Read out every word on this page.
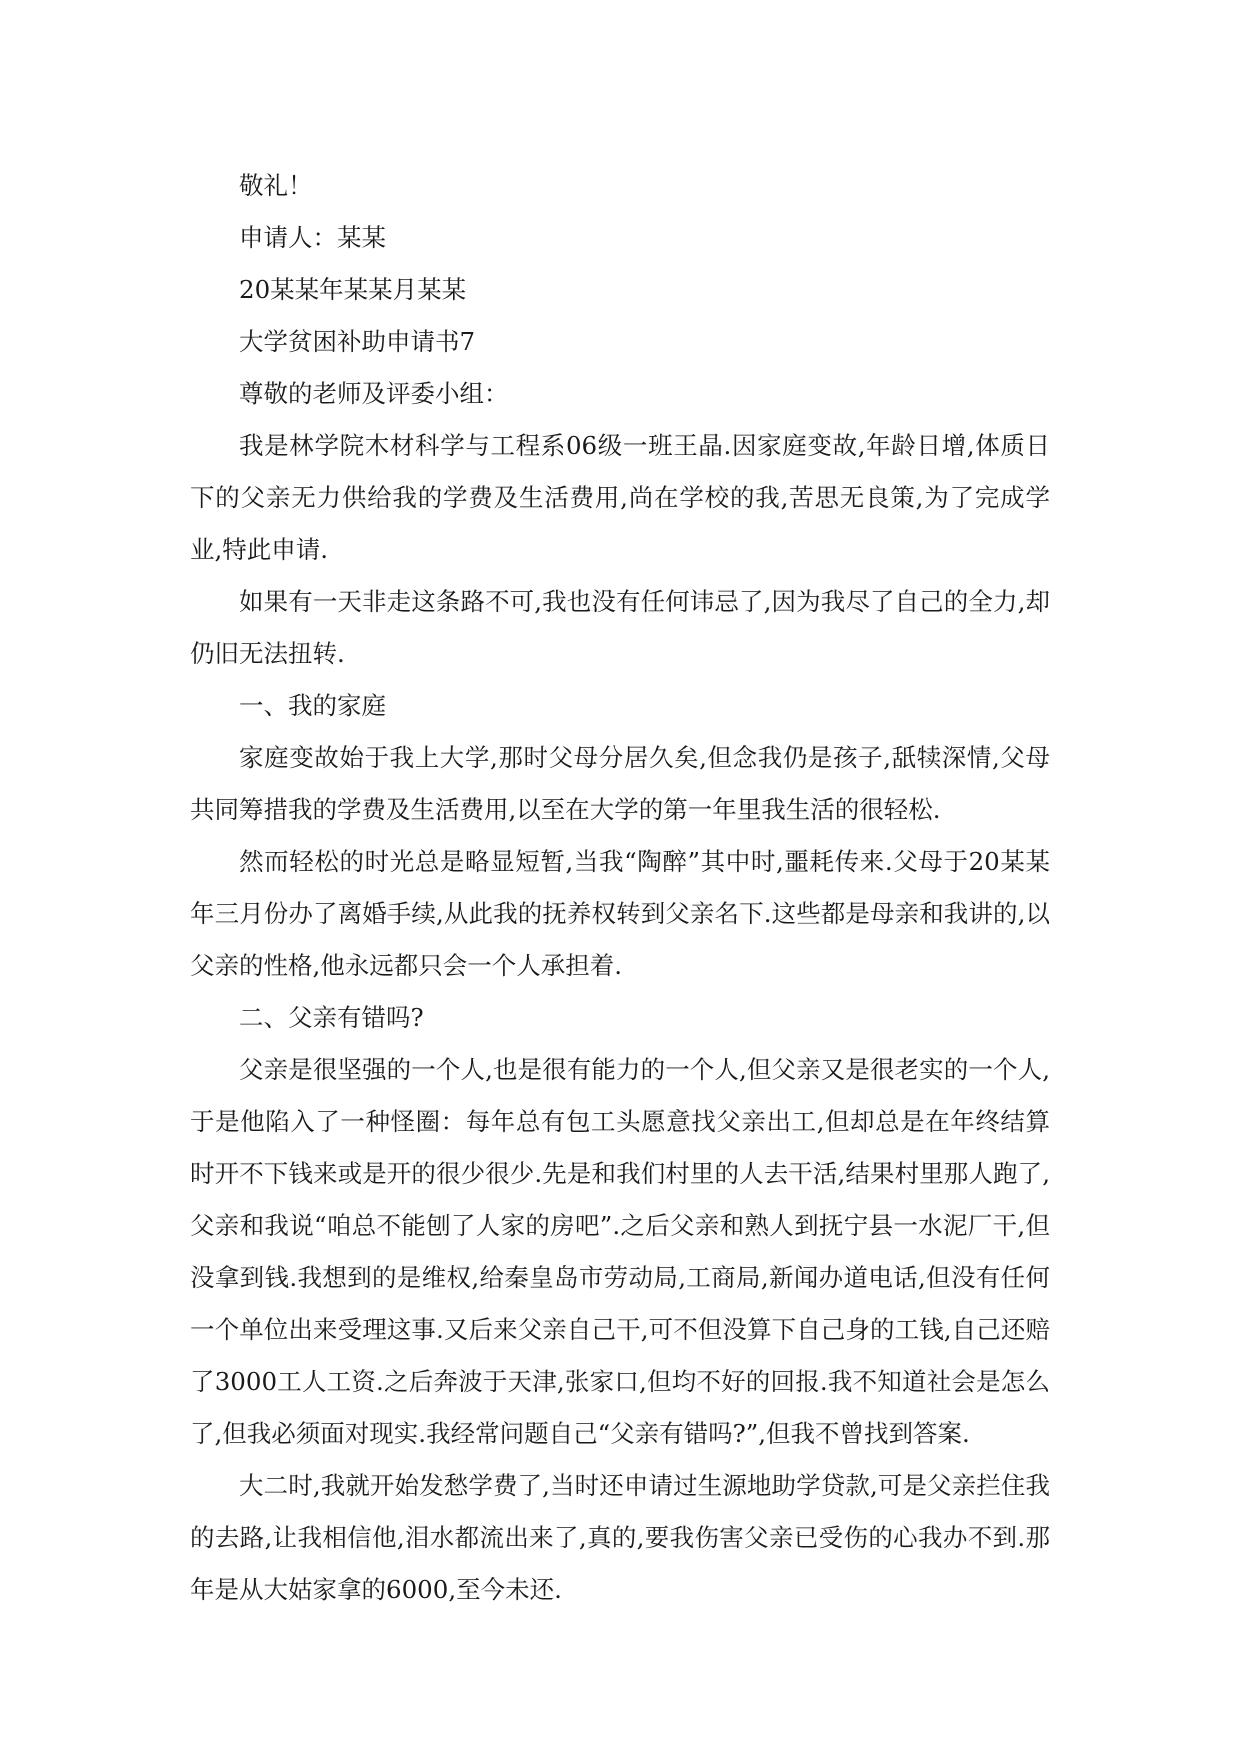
敬礼！

申请人：某某

20某某年某某月某某

大学贫困补助申请书7

尊敬的老师及评委小组：

我是林学院木材科学与工程系06级一班王晶.因家庭变故,年龄日增,体质日下的父亲无力供给我的学费及生活费用,尚在学校的我,苦思无良策,为了完成学业,特此申请.

如果有一天非走这条路不可,我也没有任何讳忌了,因为我尽了自己的全力,却仍旧无法扭转.

一、我的家庭

家庭变故始于我上大学,那时父母分居久矣,但念我仍是孩子,舐犊深情,父母共同筹措我的学费及生活费用,以至在大学的第一年里我生活的很轻松.

然而轻松的时光总是略显短暂,当我“陶醉”其中时,噩耗传来.父母于20某某年三月份办了离婚手续,从此我的抚养权转到父亲名下.这些都是母亲和我讲的,以父亲的性格,他永远都只会一个人承担着.

二、父亲有错吗?

父亲是很坚强的一个人,也是很有能力的一个人,但父亲又是很老实的一个人,于是他陷入了一种怪圈：每年总有包工头愿意找父亲出工,但却总是在年终结算时开不下钱来或是开的很少很少.先是和我们村里的人去干活,结果村里那人跑了,父亲和我说“咱总不能刨了人家的房吧”.之后父亲和熟人到抚宁县一水泥厂干,但没拿到钱.我想到的是维权,给秦皇岛市劳动局,工商局,新闻办道电话,但没有任何一个单位出来受理这事.又后来父亲自己干,可不但没算下自己身的工钱,自己还赔了3000工人工资.之后奔波于天津,张家口,但均不好的回报.我不知道社会是怎么了,但我必须面对现实.我经常问题自己“父亲有错吗?”,但我不曾找到答案.

大二时,我就开始发愁学费了,当时还申请过生源地助学贷款,可是父亲拦住我的去路,让我相信他,泪水都流出来了,真的,要我伤害父亲已受伤的心我办不到.那年是从大姑家拿的6000,至今未还.
